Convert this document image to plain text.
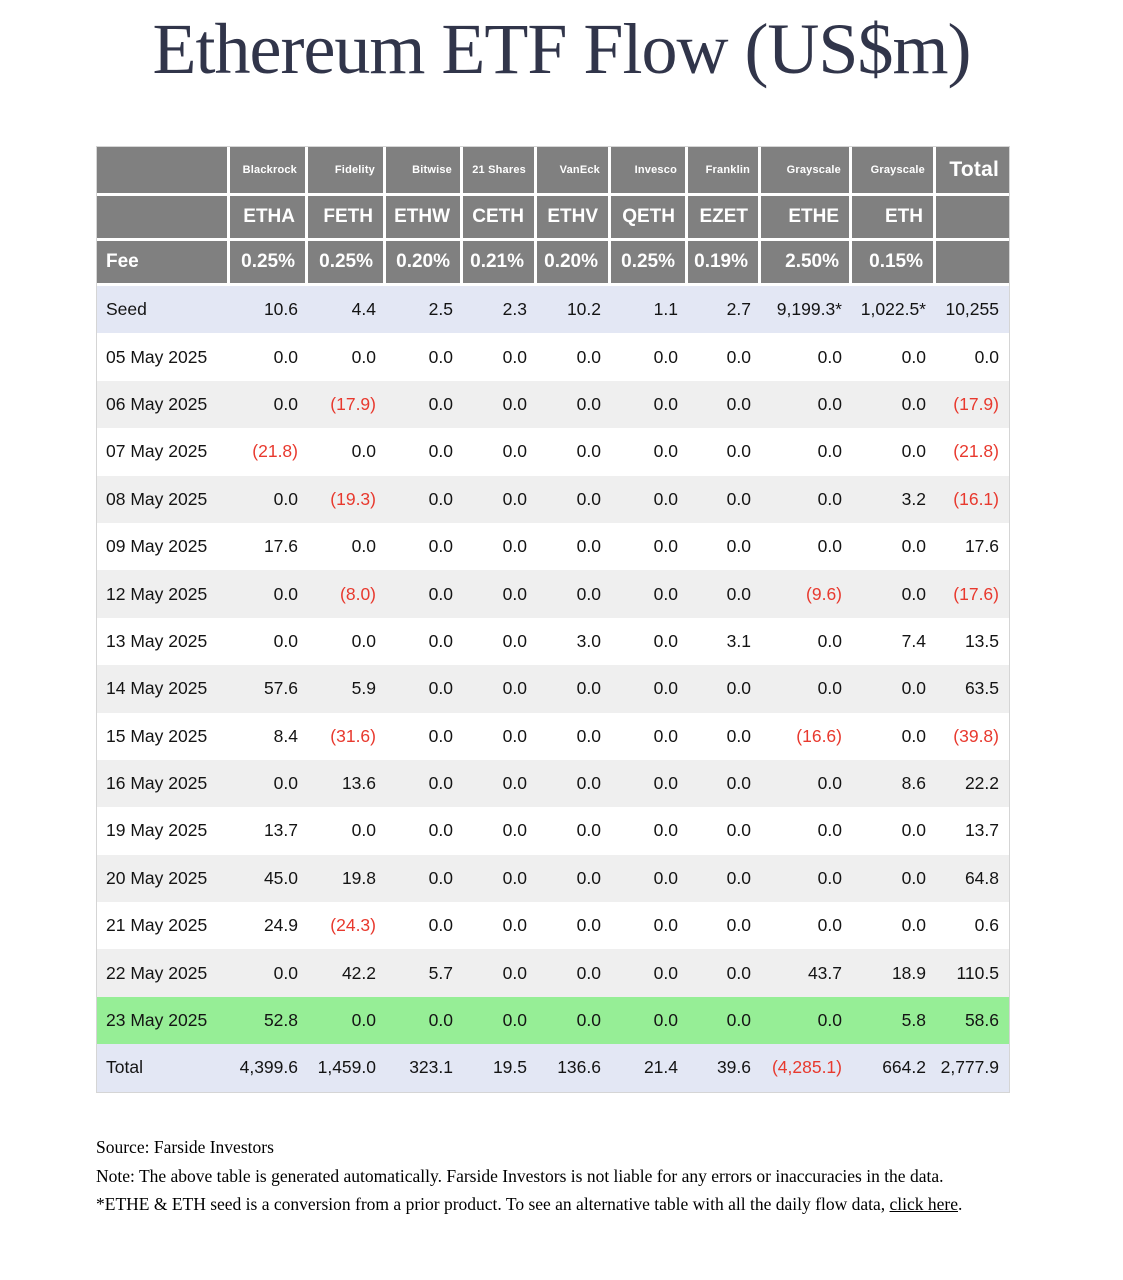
Ethereum ETF Flow (US$m)
	Blackrock	Fidelity	Bitwise	21 Shares	VanEck	Invesco	Franklin	Grayscale	Grayscale	Total
	ETHA	FETH	ETHW	CETH	ETHV	QETH	EZET	ETHE	ETH	
Fee	0.25%	0.25%	0.20%	0.21%	0.20%	0.25%	0.19%	2.50%	0.15%	
Seed	10.6	4.4	2.5	2.3	10.2	1.1	2.7	9,199.3*	1,022.5*	10,255
05 May 2025	0.0	0.0	0.0	0.0	0.0	0.0	0.0	0.0	0.0	0.0
06 May 2025	0.0	(17.9)	0.0	0.0	0.0	0.0	0.0	0.0	0.0	(17.9)
07 May 2025	(21.8)	0.0	0.0	0.0	0.0	0.0	0.0	0.0	0.0	(21.8)
08 May 2025	0.0	(19.3)	0.0	0.0	0.0	0.0	0.0	0.0	3.2	(16.1)
09 May 2025	17.6	0.0	0.0	0.0	0.0	0.0	0.0	0.0	0.0	17.6
12 May 2025	0.0	(8.0)	0.0	0.0	0.0	0.0	0.0	(9.6)	0.0	(17.6)
13 May 2025	0.0	0.0	0.0	0.0	3.0	0.0	3.1	0.0	7.4	13.5
14 May 2025	57.6	5.9	0.0	0.0	0.0	0.0	0.0	0.0	0.0	63.5
15 May 2025	8.4	(31.6)	0.0	0.0	0.0	0.0	0.0	(16.6)	0.0	(39.8)
16 May 2025	0.0	13.6	0.0	0.0	0.0	0.0	0.0	0.0	8.6	22.2
19 May 2025	13.7	0.0	0.0	0.0	0.0	0.0	0.0	0.0	0.0	13.7
20 May 2025	45.0	19.8	0.0	0.0	0.0	0.0	0.0	0.0	0.0	64.8
21 May 2025	24.9	(24.3)	0.0	0.0	0.0	0.0	0.0	0.0	0.0	0.6
22 May 2025	0.0	42.2	5.7	0.0	0.0	0.0	0.0	43.7	18.9	110.5
23 May 2025	52.8	0.0	0.0	0.0	0.0	0.0	0.0	0.0	5.8	58.6
Total	4,399.6	1,459.0	323.1	19.5	136.6	21.4	39.6	(4,285.1)	664.2	2,777.9

Source: Farside Investors

Note: The above table is generated automatically. Farside Investors is not liable for any errors or inaccuracies in the data. *ETHE & ETH seed is a conversion from a prior product. To see an alternative table with all the daily flow data, click here.
